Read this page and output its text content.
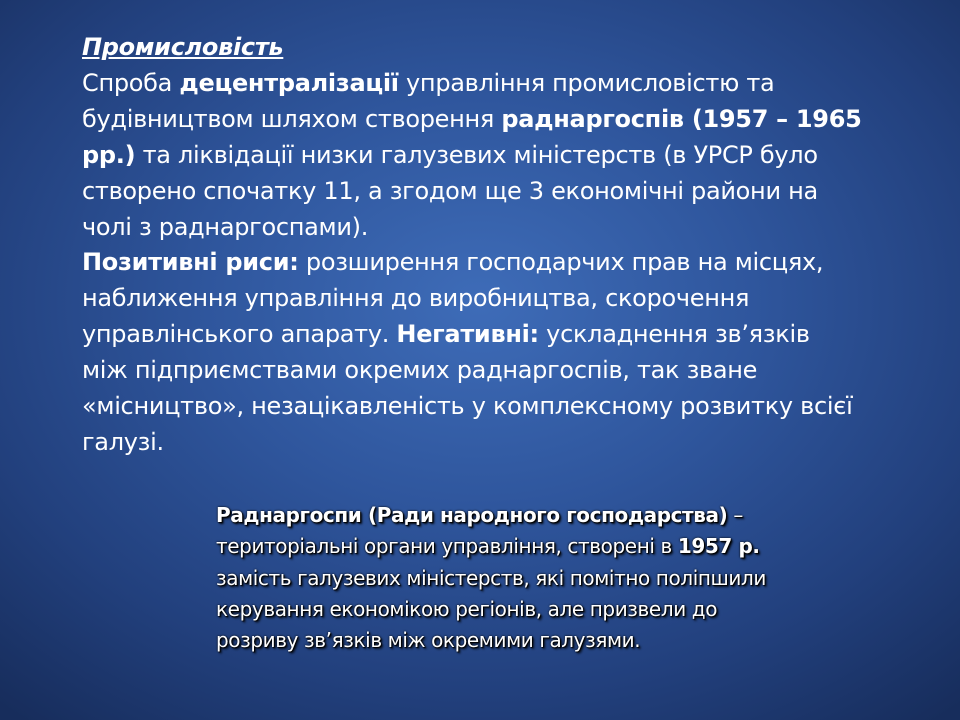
Промисловість

Спроба децентралізації управління промисловістю та будівництвом шляхом створення раднаргоспів (1957 – 1965 рр.) та ліквідації низки галузевих міністерств (в УРСР було створено спочатку 11, а згодом ще 3 економічні райони на чолі з раднаргоспами).

Позитивні риси: розширення господарчих прав на місцях, наближення управління до виробництва, скорочення управлінського апарату. Негативні: ускладнення зв’язків між підприємствами окремих раднаргоспів, так зване «місництво», незацікавленість у комплексному розвитку всієї галузі.

Раднаргоспи (Ради народного господарства) – територіальні органи управління, створені в 1957 р. замість галузевих міністерств, які помітно поліпшили керування економікою регіонів, але призвели до розриву зв’язків між окремими галузями.
